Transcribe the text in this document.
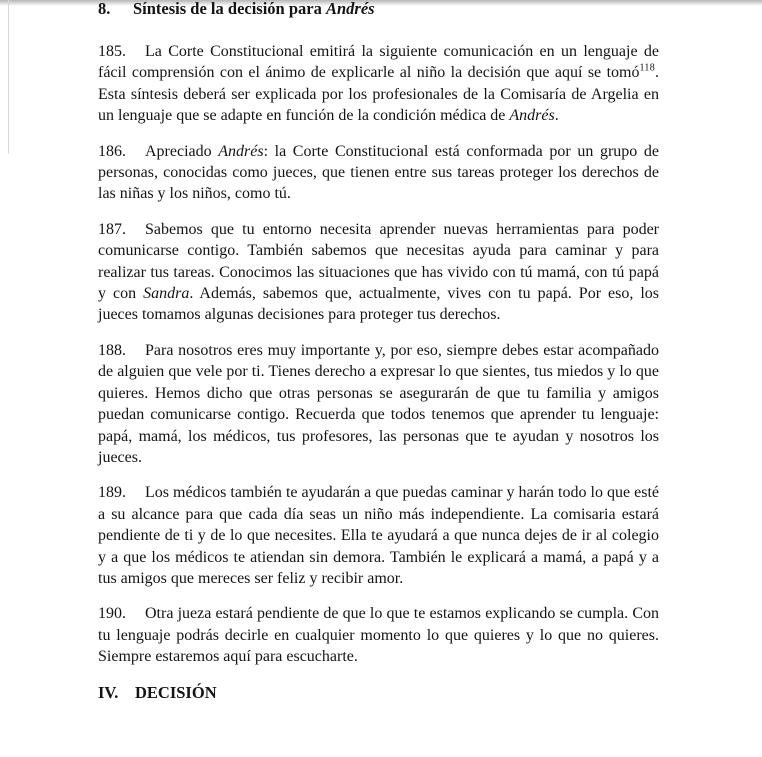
8. Síntesis de la decisión para Andrés

185. La Corte Constitucional emitirá la siguiente comunicación en un lenguaje de fácil comprensión con el ánimo de explicarle al niño la decisión que aquí se tomó$^{118}$. Esta síntesis deberá ser explicada por los profesionales de la Comisaría de Argelia en un lenguaje que se adapte en función de la condición médica de Andrés.

186. Apreciado Andrés: la Corte Constitucional está conformada por un grupo de personas, conocidas como jueces, que tienen entre sus tareas proteger los derechos de las niñas y los niños, como tú.

187. Sabemos que tu entorno necesita aprender nuevas herramientas para poder comunicarse contigo. También sabemos que necesitas ayuda para caminar y para realizar tus tareas. Conocimos las situaciones que has vivido con tú mamá, con tú papá y con Sandra. Además, sabemos que, actualmente, vives con tu papá. Por eso, los jueces tomamos algunas decisiones para proteger tus derechos.

188. Para nosotros eres muy importante y, por eso, siempre debes estar acompañado de alguien que vele por ti. Tienes derecho a expresar lo que sientes, tus miedos y lo que quieres. Hemos dicho que otras personas se asegurarán de que tu familia y amigos puedan comunicarse contigo. Recuerda que todos tenemos que aprender tu lenguaje: papá, mamá, los médicos, tus profesores, las personas que te ayudan y nosotros los jueces.

189. Los médicos también te ayudarán a que puedas caminar y harán todo lo que esté a su alcance para que cada día seas un niño más independiente. La comisaria estará pendiente de ti y de lo que necesites. Ella te ayudará a que nunca dejes de ir al colegio y a que los médicos te atiendan sin demora. También le explicará a mamá, a papá y a tus amigos que mereces ser feliz y recibir amor.

190. Otra jueza estará pendiente de que lo que te estamos explicando se cumpla. Con tu lenguaje podrás decirle en cualquier momento lo que quieres y lo que no quieres. Siempre estaremos aquí para escucharte.

IV. DECISIÓN
